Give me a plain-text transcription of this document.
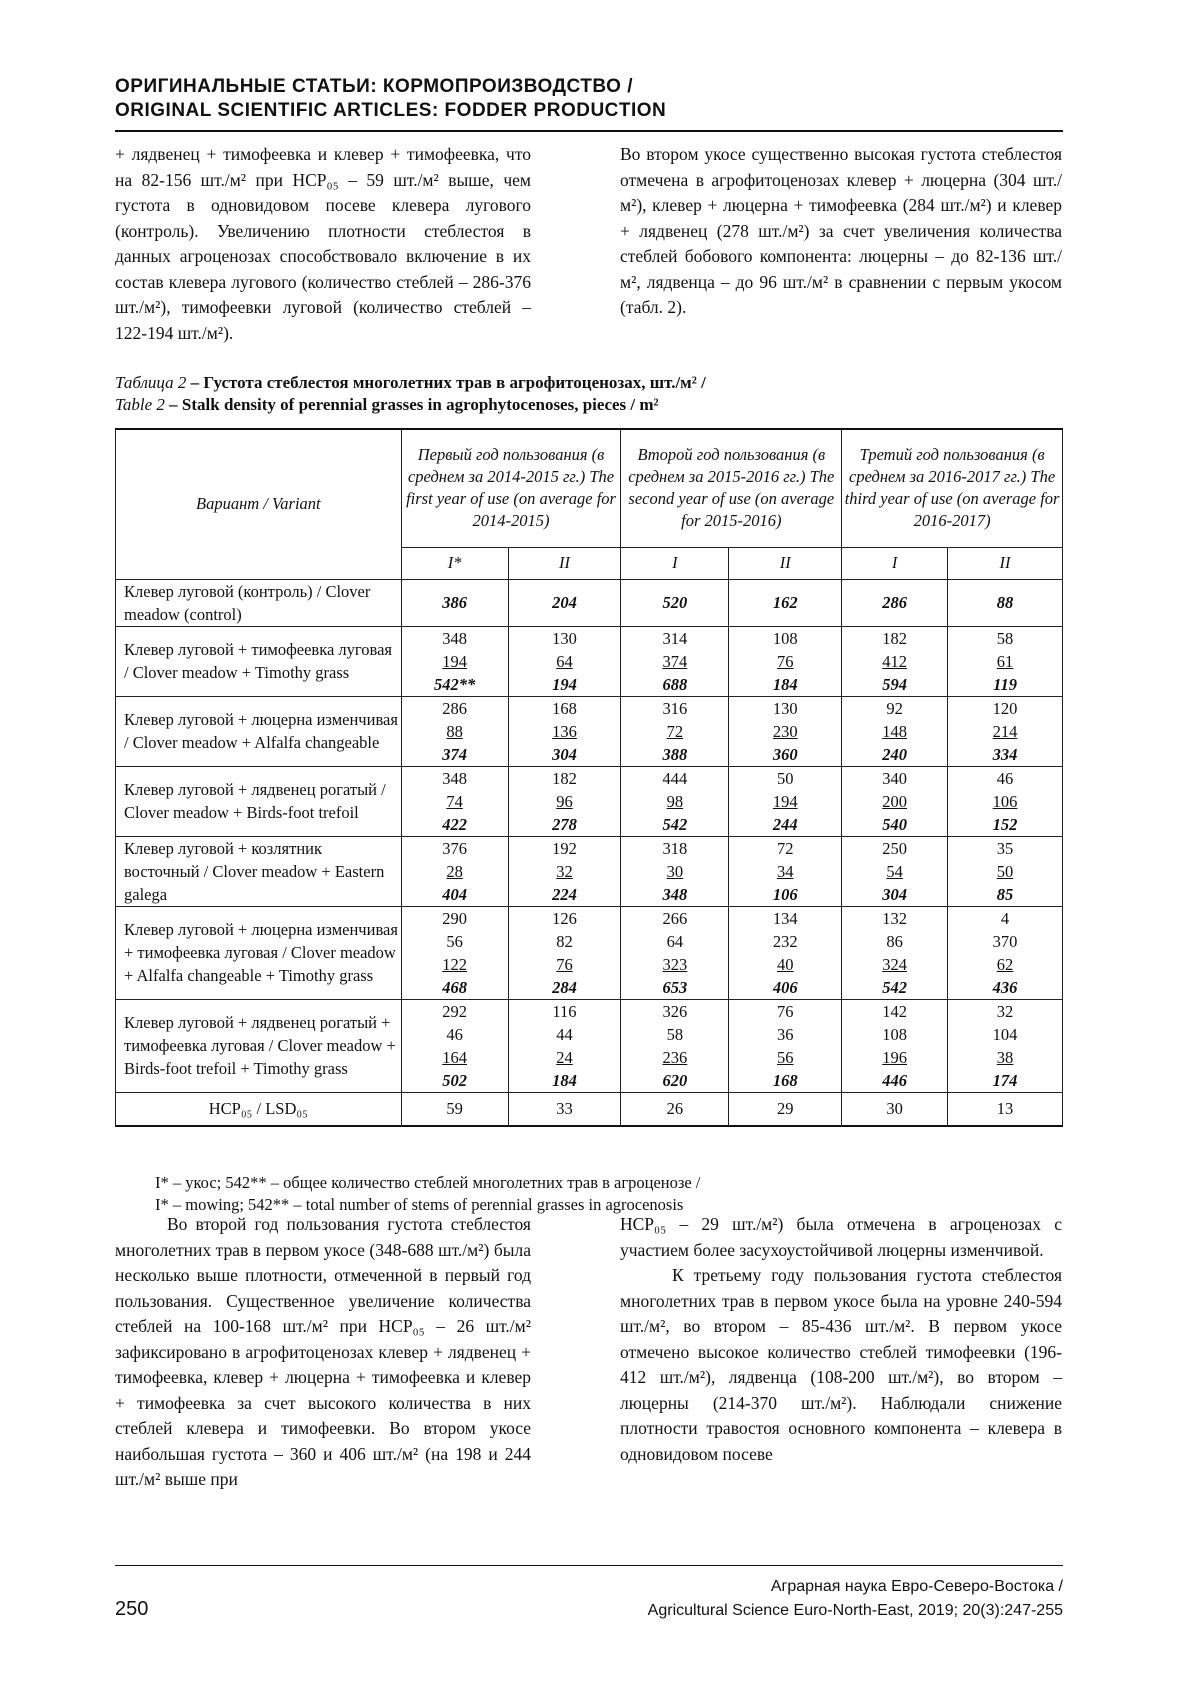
ОРИГИНАЛЬНЫЕ СТАТЬИ: КОРМОПРОИЗВОДСТВО /
ORIGINAL SCIENTIFIC ARTICLES: FODDER PRODUCTION

+ лядвенец + тимофеевка и клевер + тимофеевка, что на 82-156 шт./м² при НСР₀₅ – 59 шт./м² выше, чем густота в одновидовом посеве клевера лугового (контроль). Увеличению плотности стеблестоя в данных агроценозах способствовало включение в их состав клевера лугового (количество стеблей – 286-376 шт./м²), тимофеевки луговой (количество стеблей – 122-194 шт./м²).

Во втором укосе существенно высокая густота стеблестоя отмечена в агрофитоценозах клевер + люцерна (304 шт./м²), клевер + люцерна + тимофеевка (284 шт./м²) и клевер + лядвенец (278 шт./м²) за счет увеличения количества стеблей бобового компонента: люцерны – до 82-136 шт./м², лядвенца – до 96 шт./м² в сравнении с первым укосом (табл. 2).

Таблица 2 – Густота стеблестоя многолетних трав в агрофитоценозах, шт./м² /
Table 2 – Stalk density of perennial grasses in agrophytocenoses, pieces / m²
Вариант / Variant	Первый год пользования (в среднем за 2014-2015 гг.) The first year of use (on average for 2014-2015)		Второй год пользования (в среднем за 2015-2016 гг.) The second year of use (on average for 2015-2016)		Третий год пользования (в среднем за 2016-2017 гг.) The third year of use (on average for 2016-2017)	
	I*	II	I	II	I	II
Клевер луговой (контроль) / Clover meadow (control)	386	204	520	162	286	88

Клевер луговой + тимофеевка луговая / Clover meadow + Timothy grass	348
194
542**	130
64
194	314
374
688	108
76
184	182
412
594	58
61
119

Клевер луговой + люцерна изменчивая / Clover meadow + Alfalfa changeable	286
88
374	168
136
304	316
72
388	130
230
360	92
148
240	120
214
334

Клевер луговой + лядвенец рогатый / Clover meadow + Birds-foot trefoil	348
74
422	182
96
278	444
98
542	50
194
244	340
200
540	46
106
152

Клевер луговой + козлятник восточный / Clover meadow + Eastern galega	376
28
404	192
32
224	318
30
348	72
34
106	250
54
304	35
50
85

Клевер луговой + люцерна изменчивая + тимофеевка луговая / Clover meadow + Alfalfa changeable + Timothy grass	290
56
122
468	126
82
76
284	266
64
323
653	134
232
40
406	132
86
324
542	4
370
62
436

Клевер луговой + лядвенец рогатый + тимофеевка луговая / Clover meadow + Birds-foot trefoil + Timothy grass	292
46
164
502	116
44
24
184	326
58
236
620	76
36
56
168	142
108
196
446	32
104
38
174

НСР₀₅ / LSD₀₅	59	33	26	29	30	13
I* – укос; 542** – общее количество стеблей многолетних трав в агроценозе /
I* – mowing; 542** – total number of stems of perennial grasses in agrocenosis

Во второй год пользования густота стеблестоя многолетних трав в первом укосе (348-688 шт./м²) была несколько выше плотности, отмеченной в первый год пользования. Существенное увеличение количества стеблей на 100-168 шт./м² при НСР₀₅ – 26 шт./м² зафиксировано в агрофитоценозах клевер + лядвенец + тимофеевка, клевер + люцерна + тимофеевка и клевер + тимофеевка за счет высокого количества в них стеблей клевера и тимофеевки. Во втором укосе наибольшая густота – 360 и 406 шт./м² (на 198 и 244 шт./м² выше при

НСР₀₅ – 29 шт./м²) была отмечена в агроценозах с участием более засухоустойчивой люцерны изменчивой.

К третьему году пользования густота стеблестоя многолетних трав в первом укосе была на уровне 240-594 шт./м², во втором – 85-436 шт./м². В первом укосе отмечено высокое количество стеблей тимофеевки (196-412 шт./м²), лядвенца (108-200 шт./м²), во втором – люцерны (214-370 шт./м²). Наблюдали снижение плотности травостоя основного компонента – клевера в одновидовом посеве

Аграрная наука Евро-Северо-Востока /
Agricultural Science Euro-North-East, 2019; 20(3):247-255
250
